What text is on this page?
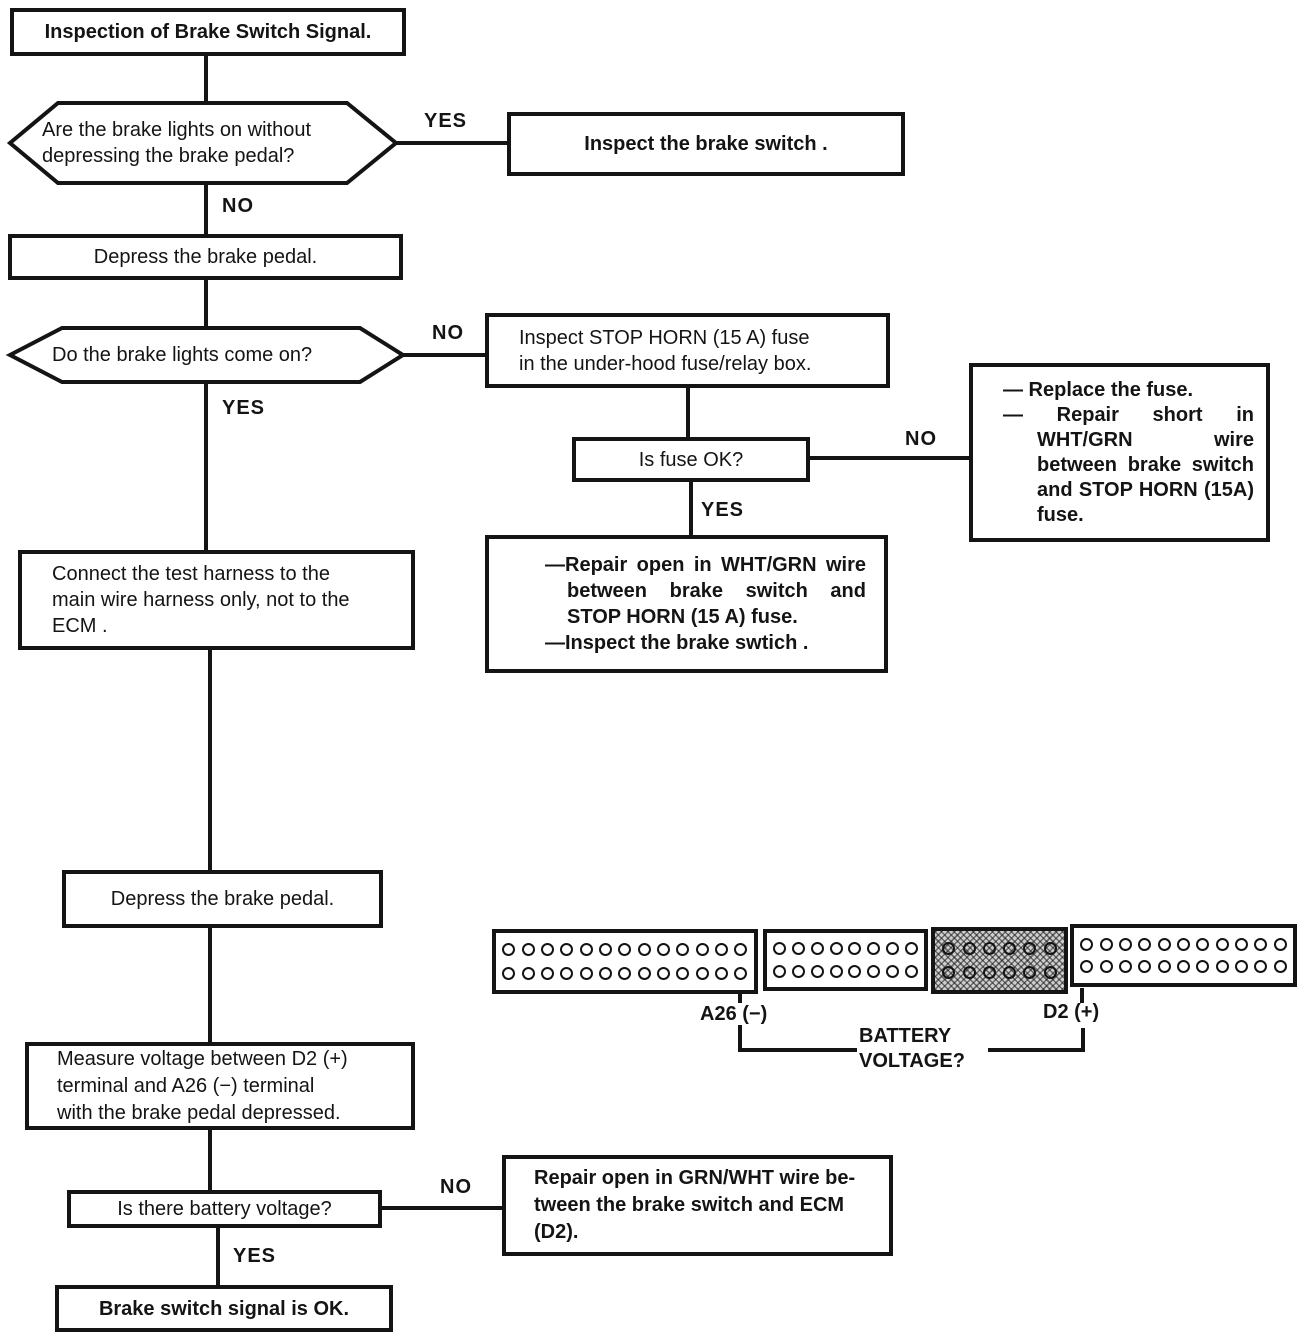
Inspection of Brake Switch Signal.
Are the brake lights on without
depressing the brake pedal?
YES
Inspect the brake switch .
NO
Depress the brake pedal.
Do the brake lights come on?
NO
YES
Inspect STOP HORN (15 A) fuse
in the under-hood fuse/relay box.
Is fuse OK?
NO
YES
— Replace the fuse.
— Repair short in WHT/GRN wire between brake switch and STOP HORN (15A) fuse.
—Repair open in WHT/GRN wire between brake switch and STOP HORN (15 A) fuse.
—Inspect the brake swtich .
Connect the test harness to the
main wire harness only, not to the
ECM .
Depress the brake pedal.
A26 (−)	D2 (+)
BATTERY
VOLTAGE?
Measure voltage between D2 (+)
terminal and A26 (−) terminal
with the brake pedal depressed.
Is there battery voltage?
NO
YES
Repair open in GRN/WHT wire be-
tween the brake switch and ECM
(D2).
Brake switch signal is OK.
